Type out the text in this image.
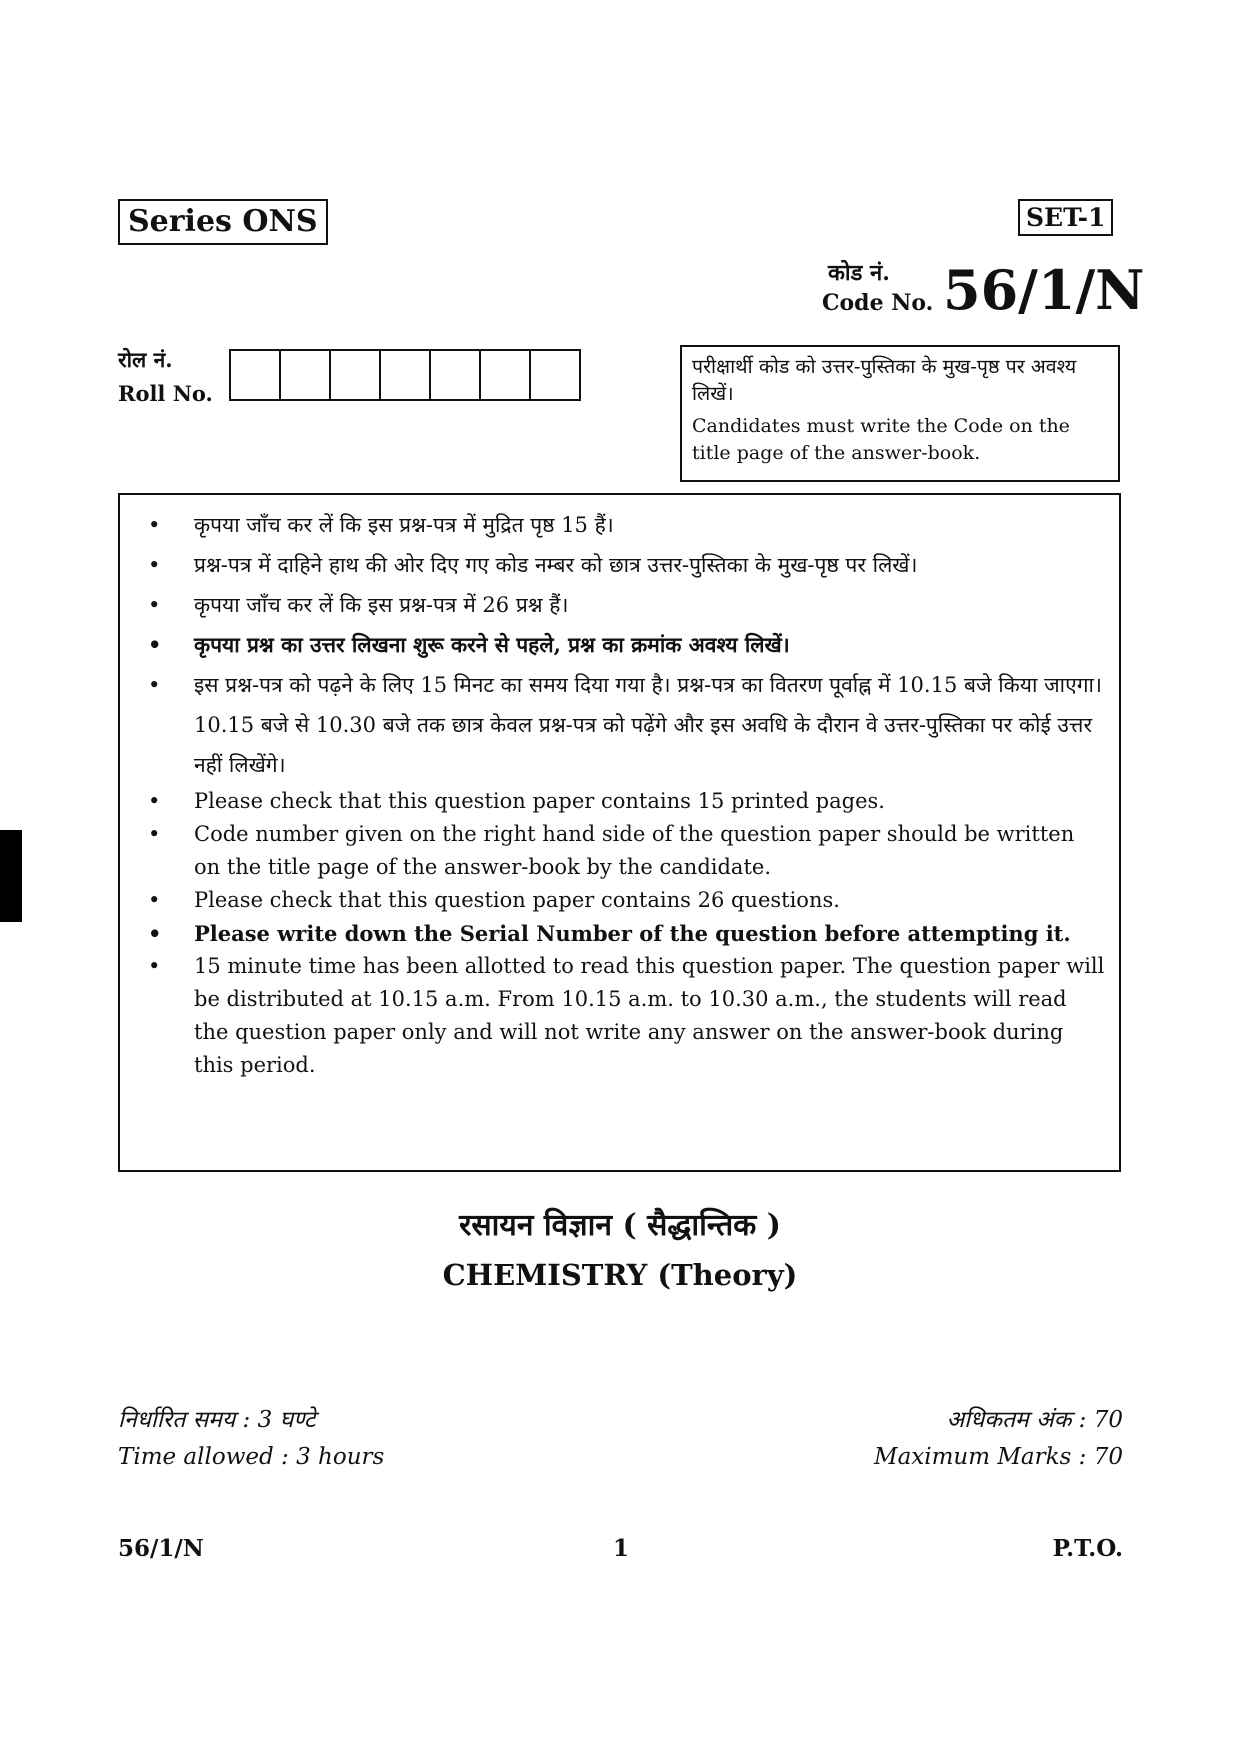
Series ONS	SET-1
कोड नं.
Code No. 56/1/N
रोल नं.
Roll No.

परीक्षार्थी कोड को उत्तर-पुस्तिका के मुख-पृष्ठ पर अवश्य लिखें।

Candidates must write the Code on the title page of the answer-book.

• कृपया जाँच कर लें कि इस प्रश्न-पत्र में मुद्रित पृष्ठ 15 हैं।
• प्रश्न-पत्र में दाहिने हाथ की ओर दिए गए कोड नम्बर को छात्र उत्तर-पुस्तिका के मुख-पृष्ठ पर लिखें।
• कृपया जाँच कर लें कि इस प्रश्न-पत्र में 26 प्रश्न हैं।
• कृपया प्रश्न का उत्तर लिखना शुरू करने से पहले, प्रश्न का क्रमांक अवश्य लिखें।
• इस प्रश्न-पत्र को पढ़ने के लिए 15 मिनट का समय दिया गया है। प्रश्न-पत्र का वितरण पूर्वाह्न में 10.15 बजे किया जाएगा। 10.15 बजे से 10.30 बजे तक छात्र केवल प्रश्न-पत्र को पढ़ेंगे और इस अवधि के दौरान वे उत्तर-पुस्तिका पर कोई उत्तर नहीं लिखेंगे।
• Please check that this question paper contains 15 printed pages.
• Code number given on the right hand side of the question paper should be written on the title page of the answer-book by the candidate.
• Please check that this question paper contains 26 questions.
• Please write down the Serial Number of the question before attempting it.
• 15 minute time has been allotted to read this question paper. The question paper will be distributed at 10.15 a.m. From 10.15 a.m. to 10.30 a.m., the students will read the question paper only and will not write any answer on the answer-book during this period.
रसायन विज्ञान ( सैद्धान्तिक )
CHEMISTRY (Theory)
निर्धारित समय : 3 घण्टे
Time allowed : 3 hours
अधिकतम अंक : 70
Maximum Marks : 70
56/1/N	1	P.T.O.
